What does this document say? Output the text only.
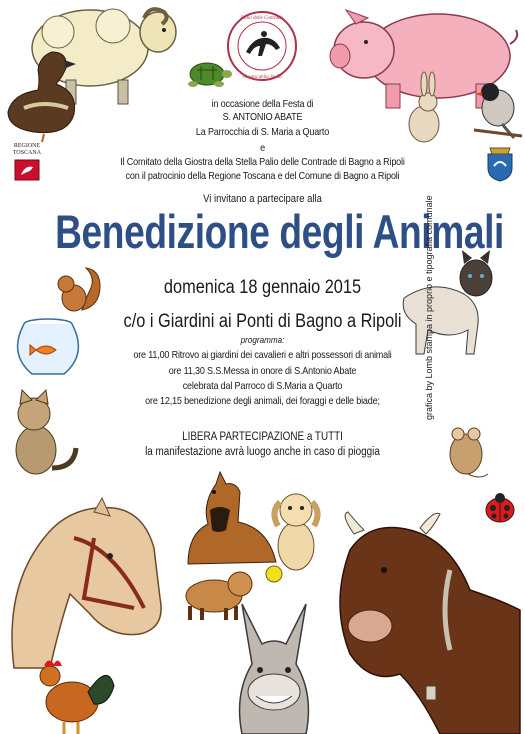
Palio delle Contrade
Giostra della Stella
REGIONE TOSCANA
in occasione della Festa di
S. ANTONIO ABATE
La Parrocchia di S. Maria a Quarto
e
Il Comitato della Giostra della Stella Palio delle Contrade di Bagno a Ripoli
con il patrocinio della Regione Toscana e del Comune di Bagno a Ripoli
Vi invitano a partecipare alla
Benedizione degli Animali
domenica 18 gennaio 2015
c/o i Giardini ai Ponti di Bagno a Ripoli
programma:
ore 11,00 Ritrovo ai giardini dei cavalieri e altri possessori di animali
ore 11,30 S.S.Messa in onore di S.Antonio Abate
celebrata dal Parroco di S.Maria a Quarto
ore 12,15 benedizione degli animali, dei foraggi e delle biade;
LIBERA PARTECIPAZIONE a TUTTI
la manifestazione avrà luogo anche in caso di pioggia
grafica by Lomb stampa in proprio e tipografia comunale
